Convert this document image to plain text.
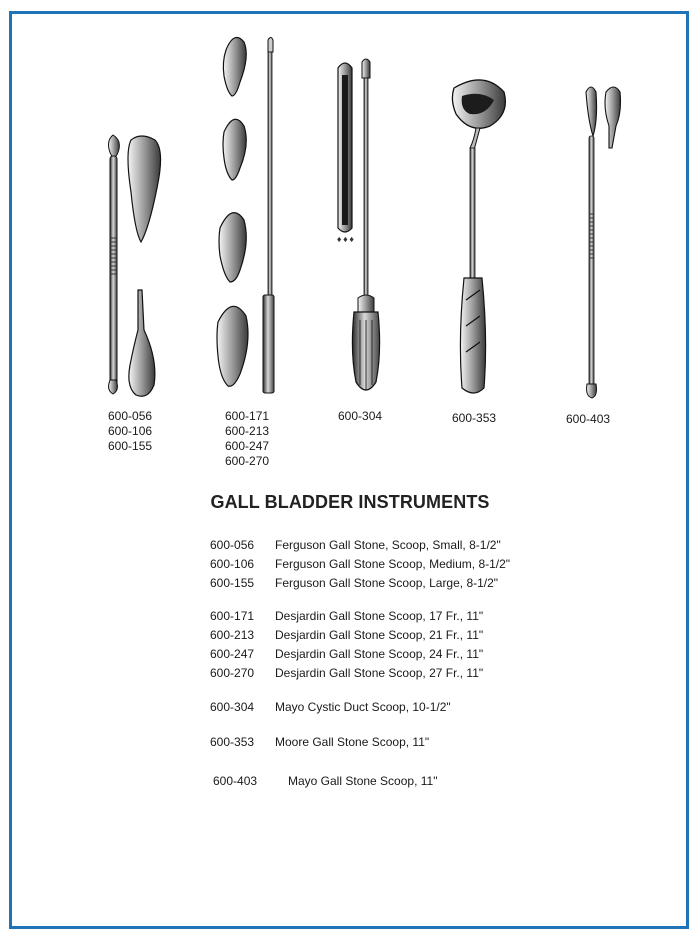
♦♦♦
600-056
600-106
600-155
600-171
600-213
600-247
600-270
600-304	600-353	600-403
GALL BLADDER INSTRUMENTS
600-056 Ferguson Gall Stone, Scoop, Small, 8-1/2"
600-106 Ferguson Gall Stone Scoop, Medium, 8-1/2"
600-155 Ferguson Gall Stone Scoop, Large, 8-1/2"
600-171 Desjardin Gall Stone Scoop, 17 Fr., 11"
600-213 Desjardin Gall Stone Scoop, 21 Fr., 11"
600-247 Desjardin Gall Stone Scoop, 24 Fr., 11"
600-270 Desjardin Gall Stone Scoop, 27 Fr., 11"
600-304 Mayo Cystic Duct Scoop, 10-1/2"
600-353 Moore Gall Stone Scoop, 11"
600-403	Mayo Gall Stone Scoop, 11"
